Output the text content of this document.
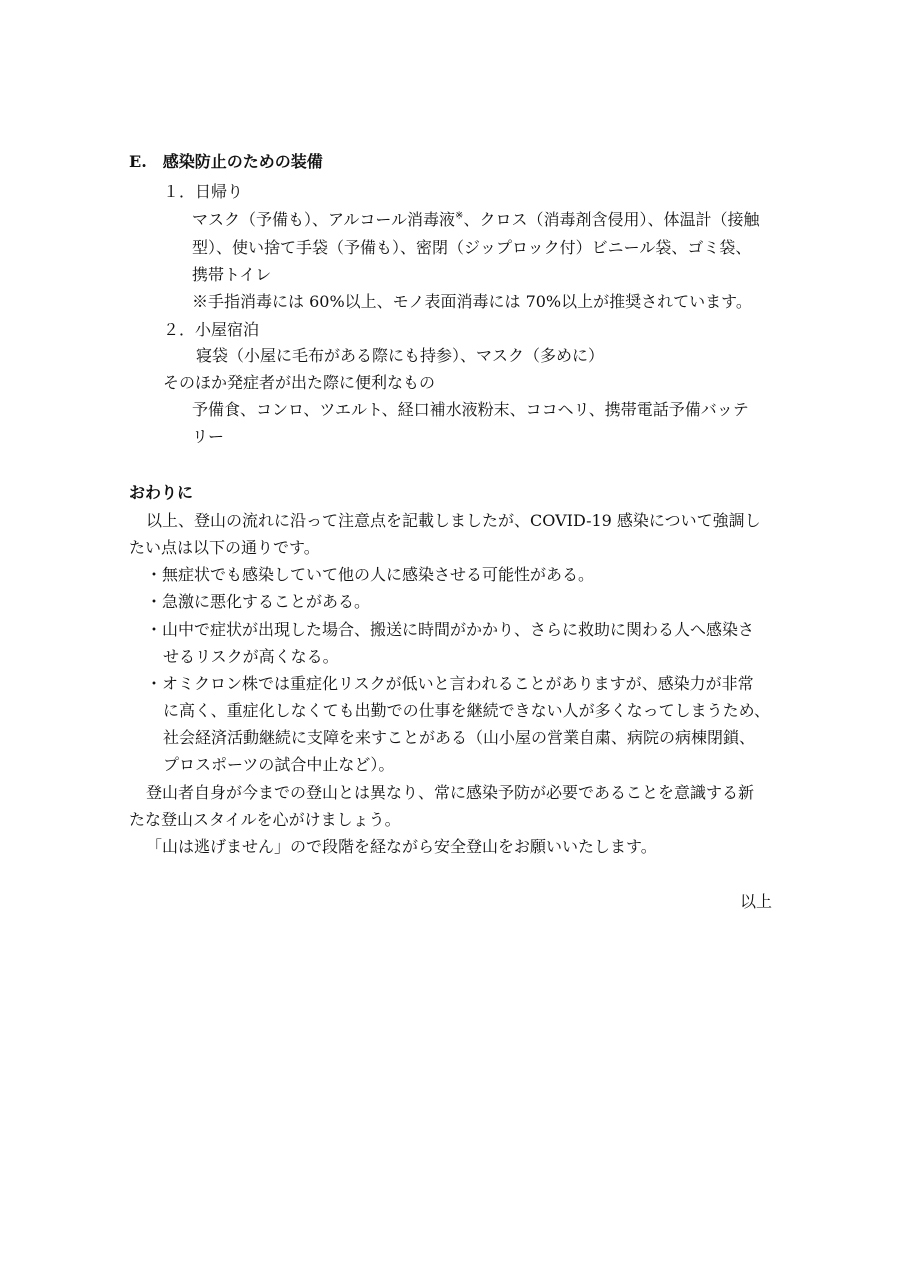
E.　感染防止のための装備
１．日帰り
マスク（予備も）、アルコール消毒液※、クロス（消毒剤含侵用）、体温計（接触
型）、使い捨て手袋（予備も）、密閉（ジップロック付）ビニール袋、ゴミ袋、
携帯トイレ
※手指消毒には 60%以上、モノ表面消毒には 70%以上が推奨されています。
２．小屋宿泊
寝袋（小屋に毛布がある際にも持参）、マスク（多めに）
そのほか発症者が出た際に便利なもの
予備食、コンロ、ツエルト、経口補水液粉末、ココヘリ、携帯電話予備バッテ
リー
おわりに
以上、登山の流れに沿って注意点を記載しましたが、COVID-19 感染について強調し
たい点は以下の通りです。
・無症状でも感染していて他の人に感染させる可能性がある。
・急激に悪化することがある。
・山中で症状が出現した場合、搬送に時間がかかり、さらに救助に関わる人へ感染さ
せるリスクが高くなる。
・オミクロン株では重症化リスクが低いと言われることがありますが、感染力が非常
に高く、重症化しなくても出勤での仕事を継続できない人が多くなってしまうため、
社会経済活動継続に支障を来すことがある（山小屋の営業自粛、病院の病棟閉鎖、
プロスポーツの試合中止など）。
登山者自身が今までの登山とは異なり、常に感染予防が必要であることを意識する新
たな登山スタイルを心がけましょう。
「山は逃げません」ので段階を経ながら安全登山をお願いいたします。
以上
